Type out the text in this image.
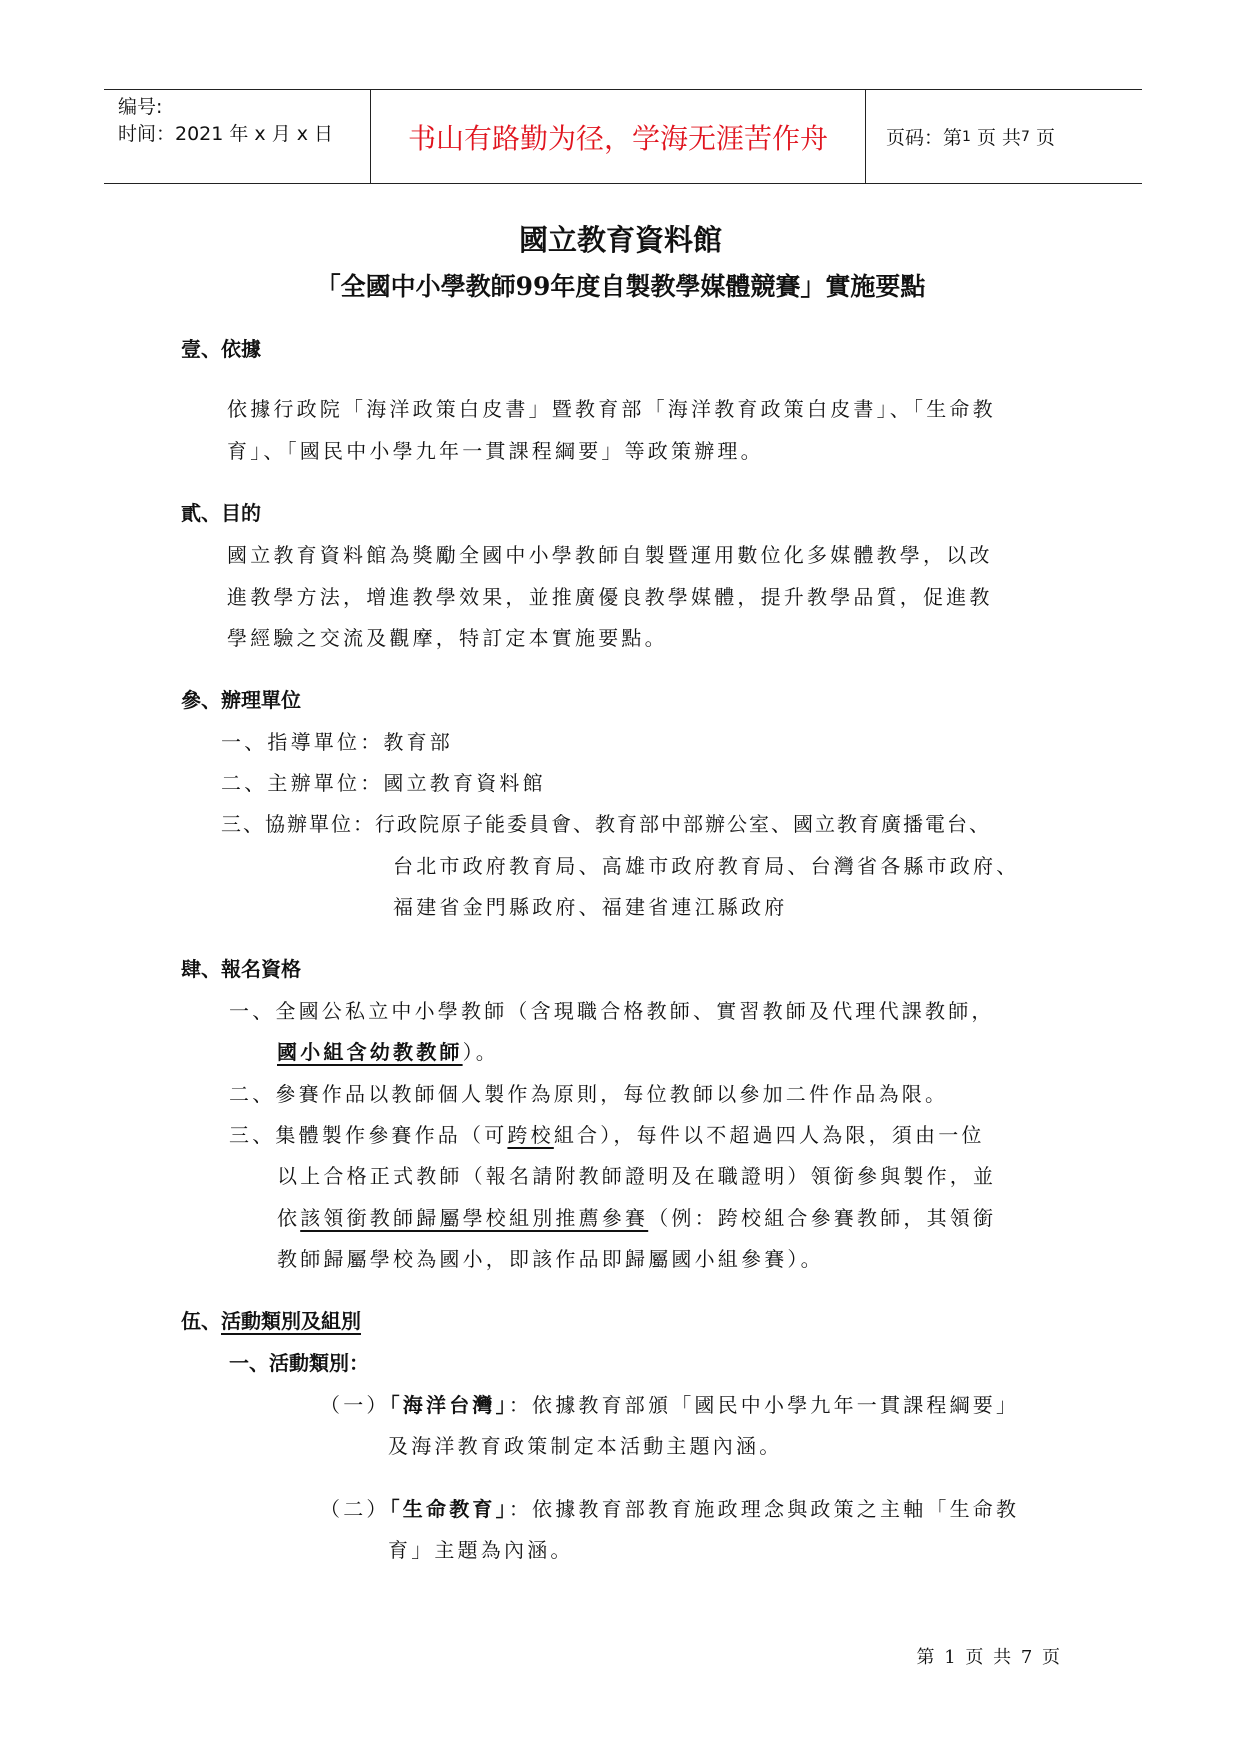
编号:
时间：2021 年 x 月 x 日	书山有路勤为径，学海无涯苦作舟	页码：第 1
页 共 7
页
國立教育資料館
「全國中小學教師99年度自製教學媒體競賽」實施要點
壹、依據
依據行政院「海洋政策白皮書」暨教育部「海洋教育政策白皮書」、「生命教
育」、「國民中小學九年一貫課程綱要」等政策辦理。
貳、目的
國立教育資料館為獎勵全國中小學教師自製暨運用數位化多媒體教學，以改
進教學方法，增進教學效果，並推廣優良教學媒體，提升教學品質，促進教
學經驗之交流及觀摩，特訂定本實施要點。
參、辦理單位
一、指導單位：教育部
二、主辦單位：國立教育資料館
三、協辦單位：行政院原子能委員會、教育部中部辦公室、國立教育廣播電台、
台北市政府教育局、高雄市政府教育局、台灣省各縣市政府、
福建省金門縣政府、福建省連江縣政府
肆、報名資格
一、全國公私立中小學教師（含現職合格教師、實習教師及代理代課教師，
國小組含幼教教師）。
二、參賽作品以教師個人製作為原則，每位教師以參加二件作品為限。
三、集體製作參賽作品（可跨校組合），每件以不超過四人為限，須由一位
以上合格正式教師（報名請附教師證明及在職證明）領銜參與製作，並
依該領銜教師歸屬學校組別推薦參賽（例：跨校組合參賽教師，其領銜
教師歸屬學校為國小，即該作品即歸屬國小組參賽）。
伍、活動類別及組別
一、活動類別：
（一）「海洋台灣」：依據教育部頒「國民中小學九年一貫課程綱要」
及海洋教育政策制定本活動主題內涵。
（二）「生命教育」：依據教育部教育施政理念與政策之主軸「生命教
育」主題為內涵。
第 1 页 共 7 页
